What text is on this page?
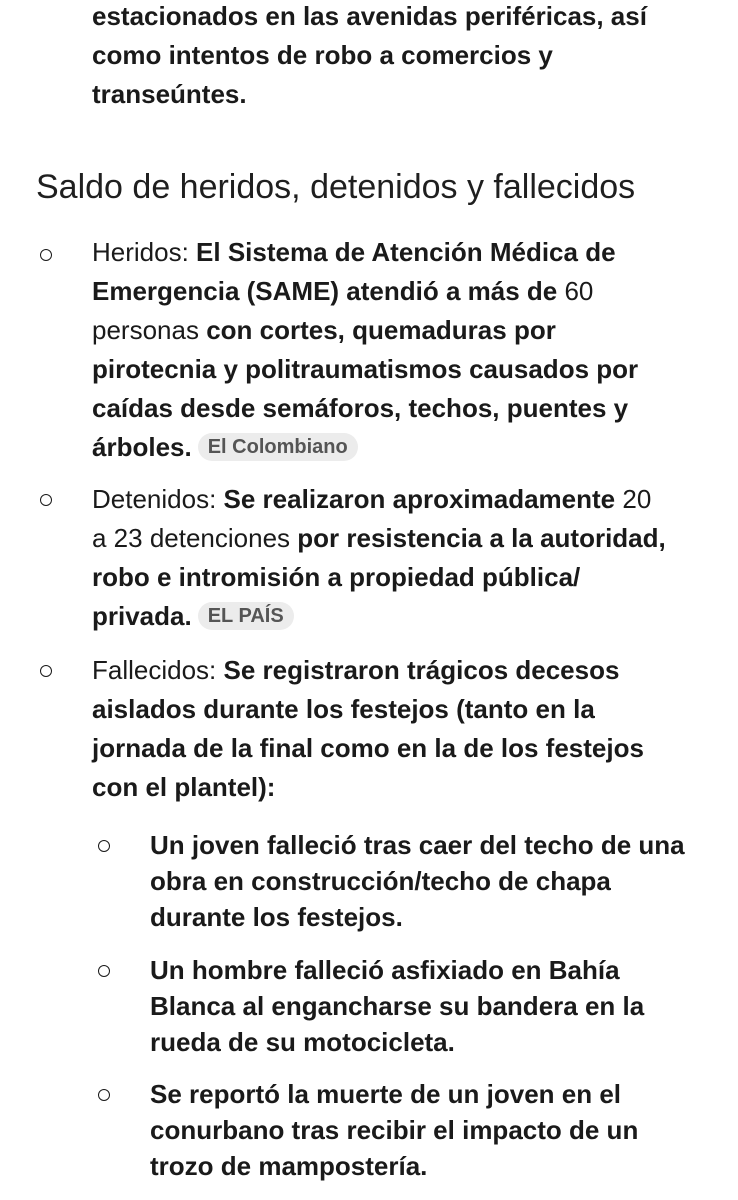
estacionados en las avenidas periféricas, así
como intentos de robo a comercios y
transeúntes.
Saldo de heridos, detenidos y fallecidos
Heridos: El Sistema de Atención Médica de
Emergencia (SAME) atendió a más de 60
personas con cortes, quemaduras por
pirotecnia y politraumatismos causados por
caídas desde semáforos, techos, puentes y
árboles. El Colombiano
Detenidos: Se realizaron aproximadamente 20
a 23 detenciones por resistencia a la autoridad,
robo e intromisión a propiedad pública/
privada. EL PAÍS
Fallecidos: Se registraron trágicos decesos
aislados durante los festejos (tanto en la
jornada de la final como en la de los festejos
con el plantel):
Un joven falleció tras caer del techo de una
obra en construcción/techo de chapa
durante los festejos.
Un hombre falleció asfixiado en Bahía
Blanca al engancharse su bandera en la
rueda de su motocicleta.
Se reportó la muerte de un joven en el
conurbano tras recibir el impacto de un
trozo de mampostería.
